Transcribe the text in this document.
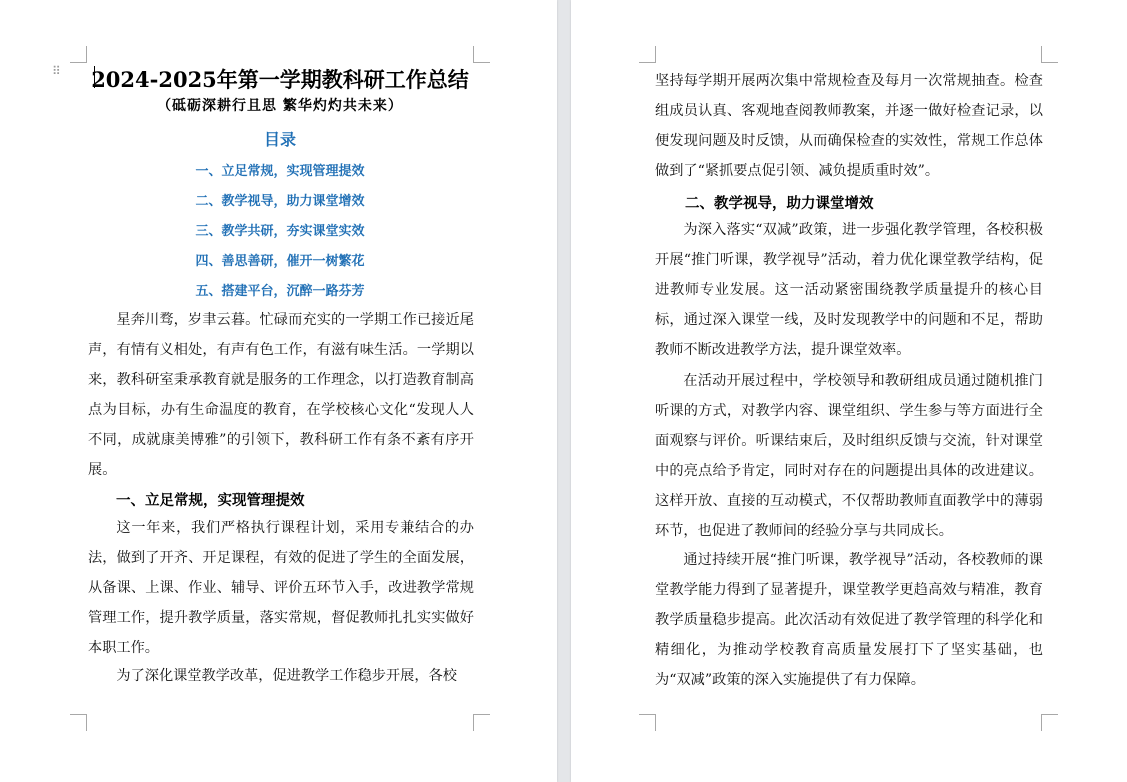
⠿	2024-2025年第一学期教科研工作总结
（砥砺深耕行且思 繁华灼灼共未来）
目录
一、立足常规，实现管理提效
二、教学视导，助力课堂增效
三、教学共研，夯实课堂实效
四、善思善研，催开一树繁花
五、搭建平台，沉醉一路芬芳
星奔川骛，岁聿云暮。忙碌而充实的一学期工作已接近尾声，有情有义相处，有声有色工作，有滋有味生活。一学期以来，教科研室秉承教育就是服务的工作理念，以打造教育制高点为目标，办有生命温度的教育，在学校核心文化“发现人人不同，成就康美博雅”的引领下，教科研工作有条不紊有序开展。
一、立足常规，实现管理提效
这一年来，我们严格执行课程计划，采用专兼结合的办法，做到了开齐、开足课程，有效的促进了学生的全面发展，从备课、上课、作业、辅导、评价五环节入手，改进教学常规管理工作，提升教学质量，落实常规，督促教师扎扎实实做好本职工作。
为了深化课堂教学改革，促进教学工作稳步开展，各校
坚持每学期开展两次集中常规检查及每月一次常规抽查。检查组成员认真、客观地查阅教师教案，并逐一做好检查记录，以便发现问题及时反馈，从而确保检查的实效性，常规工作总体做到了“紧抓要点促引领、减负提质重时效”。
二、教学视导，助力课堂增效
为深入落实“双减”政策，进一步强化教学管理，各校积极开展“推门听课，教学视导”活动，着力优化课堂教学结构，促进教师专业发展。这一活动紧密围绕教学质量提升的核心目标，通过深入课堂一线，及时发现教学中的问题和不足，帮助教师不断改进教学方法，提升课堂效率。
在活动开展过程中，学校领导和教研组成员通过随机推门听课的方式，对教学内容、课堂组织、学生参与等方面进行全面观察与评价。听课结束后，及时组织反馈与交流，针对课堂中的亮点给予肯定，同时对存在的问题提出具体的改进建议。这样开放、直接的互动模式，不仅帮助教师直面教学中的薄弱环节，也促进了教师间的经验分享与共同成长。
通过持续开展“推门听课，教学视导”活动，各校教师的课堂教学能力得到了显著提升，课堂教学更趋高效与精准，教育教学质量稳步提高。此次活动有效促进了教学管理的科学化和精细化，为推动学校教育高质量发展打下了坚实基础，也为“双减”政策的深入实施提供了有力保障。
